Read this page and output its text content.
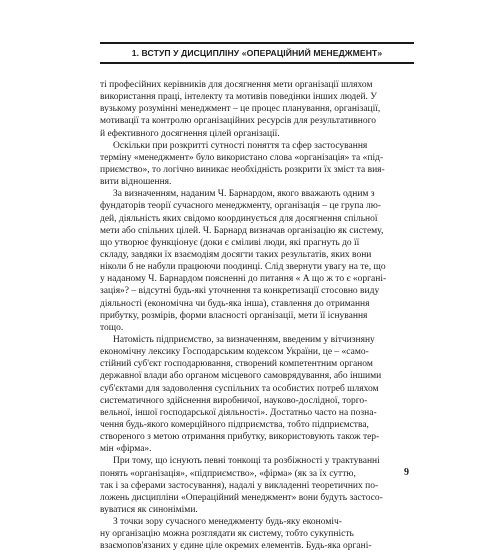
1. ВСТУП У ДИСЦИПЛІНУ «ОПЕРАЦІЙНИЙ МЕНЕДЖМЕНТ»
ті професійних керівників для досягнення мети організації шляхом
використання праці, інтелекту та мотивів поведінки інших людей. У
вузькому розумінні менеджмент – це процес планування, організації,
мотивації та контролю організаційних ресурсів для результативного
й ефективного досягнення цілей організації.
Оскільки при розкритті сутності поняття та сфер застосування
терміну «менеджмент» було використано слова «організація» та «під-
приємство», то логічно виникає необхідність розкрити їх зміст та вия-
вити відношення.
За визначенням, наданим Ч. Барнардом, якого вважають одним з
фундаторів теорії сучасного менеджменту, організація – це група лю-
дей, діяльність яких свідомо координується для досягнення спільної
мети або спільних цілей. Ч. Барнард визначав організацію як систему,
що утворює функціонує (доки є сміливі люди, які прагнуть до її
складу, завдяки їх взаємодіям досягти таких результатів, яких вони
ніколи б не набули працюючи поодинці. Слід звернути увагу на те, що
у наданому Ч. Барнардом поясненні до питання « А що ж то є «органі-
зація»? – відсутні будь-які уточнення та конкретизації стосовно виду
діяльності (економічна чи будь-яка інша), ставлення до отримання
прибутку, розмірів, форми власності організації, мети її існування
тощо.
Натомість підприємство, за визначенням, введеним у вітчизняну
економічну лексику Господарським кодексом України, це – «само-
стійний суб'єкт господарювання, створений компетентним органом
державної влади або органом місцевого самоврядування, або іншими
суб'єктами для задоволення суспільних та особистих потреб шляхом
систематичного здійснення виробничої, науково-дослідної, торго-
вельної, іншої господарської діяльності». Достатньо часто на позна-
чення будь-якого комерційного підприємства, тобто підприємства,
створеного з метою отримання прибутку, використовують також тер-
мін «фірма».
При тому, що існують певні тонкощі та розбіжності у трактуванні
понять «організація», «підприємство», «фірма» (як за їх суттю,
так і за сферами застосування), надалі у викладенні теоретичних по-
ложень дисципліни «Операційний менеджмент» вони будуть застосо-
вуватися як синоніміми.
З точки зору сучасного менеджменту будь-яку економіч-
ну організацію можна розглядати як систему, тобто сукупність
взаємопов'язаних у єдине ціле окремих елементів. Будь-яка органі-
9
